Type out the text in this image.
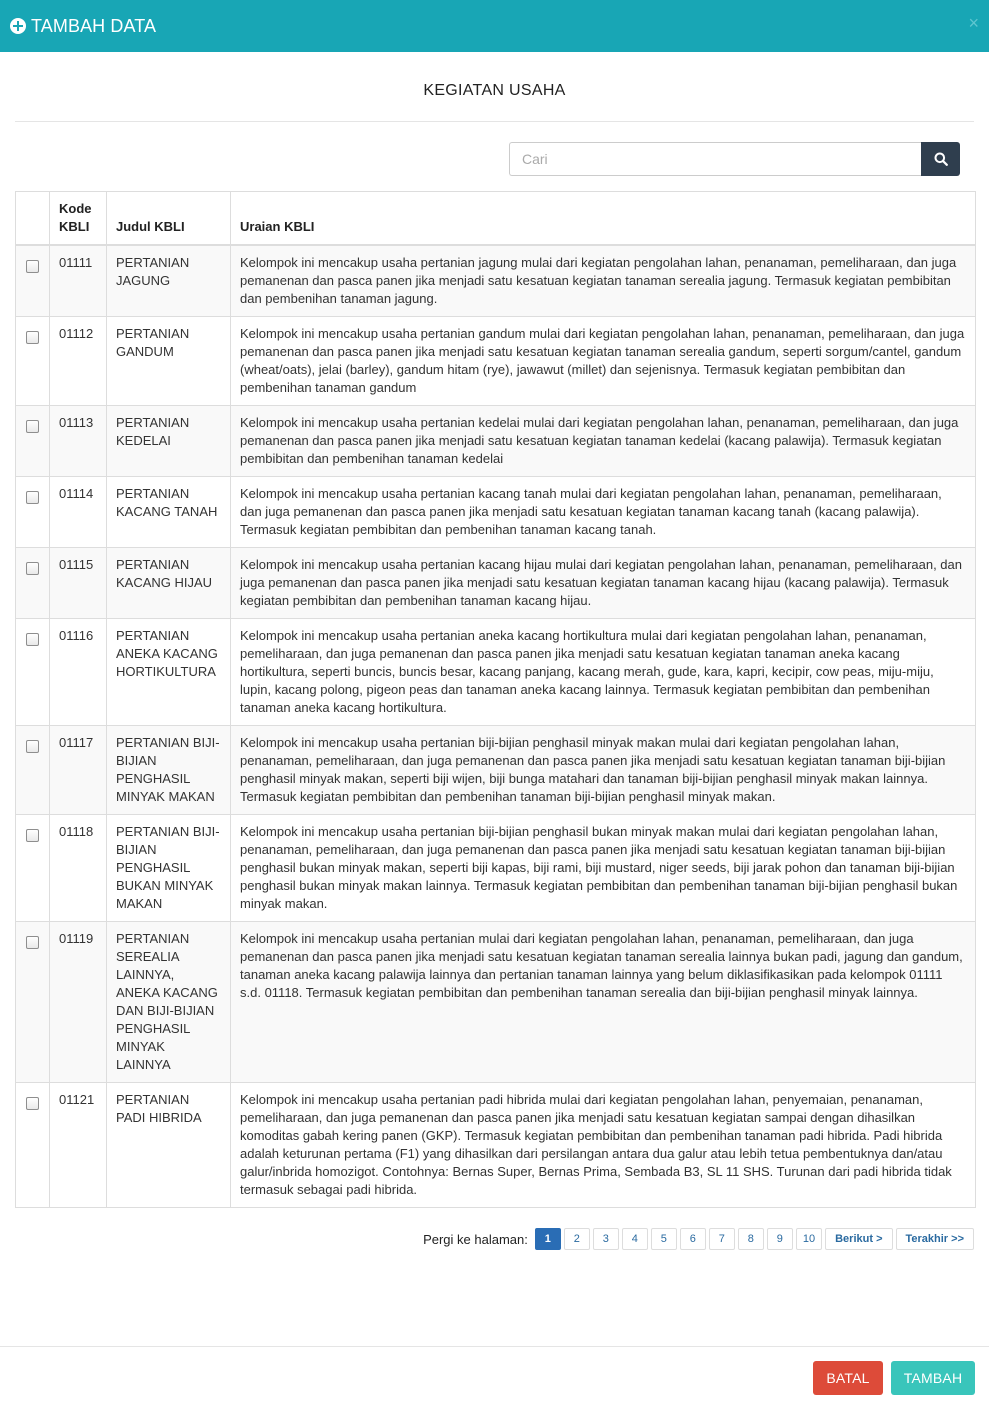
TAMBAH DATA	×
KEGIATAN USAHA
Cari
	Kode KBLI	Judul KBLI	Uraian KBLI

	01111	PERTANIAN JAGUNG	Kelompok ini mencakup usaha pertanian jagung mulai dari kegiatan pengolahan lahan, penanaman, pemeliharaan, dan juga pemanenan dan pasca panen jika menjadi satu kesatuan kegiatan tanaman serealia jagung. Termasuk kegiatan pembibitan dan pembenihan tanaman jagung.

	01112	PERTANIAN GANDUM	Kelompok ini mencakup usaha pertanian gandum mulai dari kegiatan pengolahan lahan, penanaman, pemeliharaan, dan juga pemanenan dan pasca panen jika menjadi satu kesatuan kegiatan tanaman serealia gandum, seperti sorgum/cantel, gandum (wheat/oats), jelai (barley), gandum hitam (rye), jawawut (millet) dan sejenisnya. Termasuk kegiatan pembibitan dan pembenihan tanaman gandum

	01113	PERTANIAN KEDELAI	Kelompok ini mencakup usaha pertanian kedelai mulai dari kegiatan pengolahan lahan, penanaman, pemeliharaan, dan juga pemanenan dan pasca panen jika menjadi satu kesatuan kegiatan tanaman kedelai (kacang palawija). Termasuk kegiatan pembibitan dan pembenihan tanaman kedelai

	01114	PERTANIAN KACANG TANAH	Kelompok ini mencakup usaha pertanian kacang tanah mulai dari kegiatan pengolahan lahan, penanaman, pemeliharaan, dan juga pemanenan dan pasca panen jika menjadi satu kesatuan kegiatan tanaman kacang tanah (kacang palawija). Termasuk kegiatan pembibitan dan pembenihan tanaman kacang tanah.

	01115	PERTANIAN KACANG HIJAU	Kelompok ini mencakup usaha pertanian kacang hijau mulai dari kegiatan pengolahan lahan, penanaman, pemeliharaan, dan juga pemanenan dan pasca panen jika menjadi satu kesatuan kegiatan tanaman kacang hijau (kacang palawija). Termasuk kegiatan pembibitan dan pembenihan tanaman kacang hijau.

	01116	PERTANIAN ANEKA KACANG HORTIKULTURA	Kelompok ini mencakup usaha pertanian aneka kacang hortikultura mulai dari kegiatan pengolahan lahan, penanaman, pemeliharaan, dan juga pemanenan dan pasca panen jika menjadi satu kesatuan kegiatan tanaman aneka kacang hortikultura, seperti buncis, buncis besar, kacang panjang, kacang merah, gude, kara, kapri, kecipir, cow peas, miju-miju, lupin, kacang polong, pigeon peas dan tanaman aneka kacang lainnya. Termasuk kegiatan pembibitan dan pembenihan tanaman aneka kacang hortikultura.

	01117	PERTANIAN BIJI-BIJIAN PENGHASIL MINYAK MAKAN	Kelompok ini mencakup usaha pertanian biji-bijian penghasil minyak makan mulai dari kegiatan pengolahan lahan, penanaman, pemeliharaan, dan juga pemanenan dan pasca panen jika menjadi satu kesatuan kegiatan tanaman biji-bijian penghasil minyak makan, seperti biji wijen, biji bunga matahari dan tanaman biji-bijian penghasil minyak makan lainnya. Termasuk kegiatan pembibitan dan pembenihan tanaman biji-bijian penghasil minyak makan.

	01118	PERTANIAN BIJI-BIJIAN PENGHASIL BUKAN MINYAK MAKAN	Kelompok ini mencakup usaha pertanian biji-bijian penghasil bukan minyak makan mulai dari kegiatan pengolahan lahan, penanaman, pemeliharaan, dan juga pemanenan dan pasca panen jika menjadi satu kesatuan kegiatan tanaman biji-bijian penghasil bukan minyak makan, seperti biji kapas, biji rami, biji mustard, niger seeds, biji jarak pohon dan tanaman biji-bijian penghasil bukan minyak makan lainnya. Termasuk kegiatan pembibitan dan pembenihan tanaman biji-bijian penghasil bukan minyak makan.

	01119	PERTANIAN SEREALIA LAINNYA, ANEKA KACANG DAN BIJI-BIJIAN PENGHASIL MINYAK LAINNYA	Kelompok ini mencakup usaha pertanian mulai dari kegiatan pengolahan lahan, penanaman, pemeliharaan, dan juga pemanenan dan pasca panen jika menjadi satu kesatuan kegiatan tanaman serealia lainnya bukan padi, jagung dan gandum, tanaman aneka kacang palawija lainnya dan pertanian tanaman lainnya yang belum diklasifikasikan pada kelompok 01111 s.d. 01118. Termasuk kegiatan pembibitan dan pembenihan tanaman serealia dan biji-bijian penghasil minyak lainnya.

	01121	PERTANIAN PADI HIBRIDA	Kelompok ini mencakup usaha pertanian padi hibrida mulai dari kegiatan pengolahan lahan, penyemaian, penanaman, pemeliharaan, dan juga pemanenan dan pasca panen jika menjadi satu kesatuan kegiatan sampai dengan dihasilkan komoditas gabah kering panen (GKP). Termasuk kegiatan pembibitan dan pembenihan tanaman padi hibrida. Padi hibrida adalah keturunan pertama (F1) yang dihasilkan dari persilangan antara dua galur atau lebih tetua pembentuknya dan/atau galur/inbrida homozigot. Contohnya: Bernas Super, Bernas Prima, Sembada B3, SL 11 SHS. Turunan dari padi hibrida tidak termasuk sebagai padi hibrida.
Pergi ke halaman:	1	2	3	4	5	6	7	8	9	10	Berikut >	Terakhir >>
BATAL	TAMBAH
